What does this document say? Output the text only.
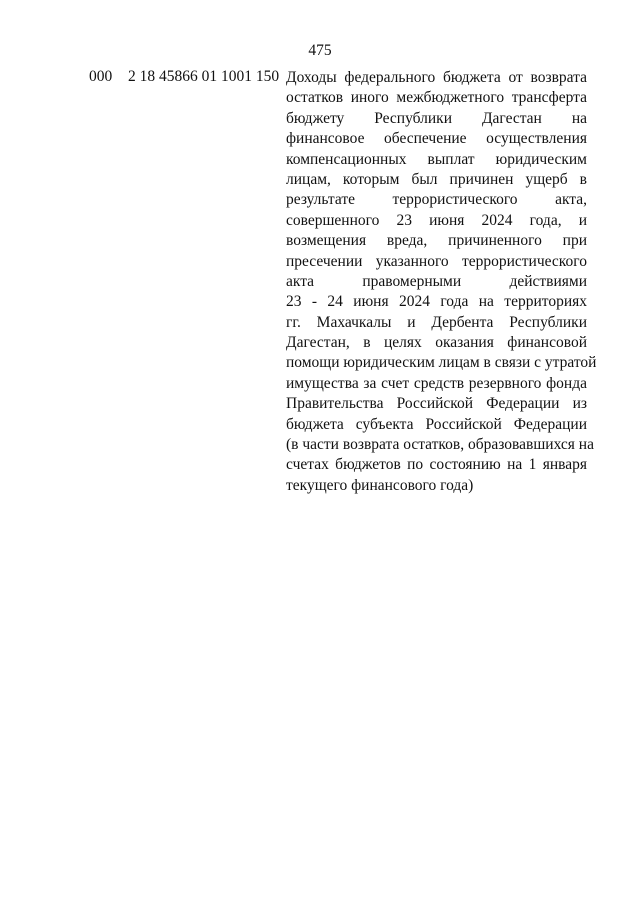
475
000 2 18 45866 01 1001 150 Доходы федерального бюджета от возврата
остатков иного межбюджетного трансферта
бюджету Республики Дагестан на
финансовое обеспечение осуществления
компенсационных выплат юридическим
лицам, которым был причинен ущерб в
результате террористического акта,
совершенного 23 июня 2024 года, и
возмещения вреда, причиненного при
пресечении указанного террористического
акта правомерными действиями
23 - 24 июня 2024 года на территориях
гг. Махачкалы и Дербента Республики
Дагестан, в целях оказания финансовой
помощи юридическим лицам в связи с утратой
имущества за счет средств резервного фонда
Правительства Российской Федерации из
бюджета субъекта Российской Федерации
(в части возврата остатков, образовавшихся на
счетах бюджетов по состоянию на 1 января
текущего финансового года)
